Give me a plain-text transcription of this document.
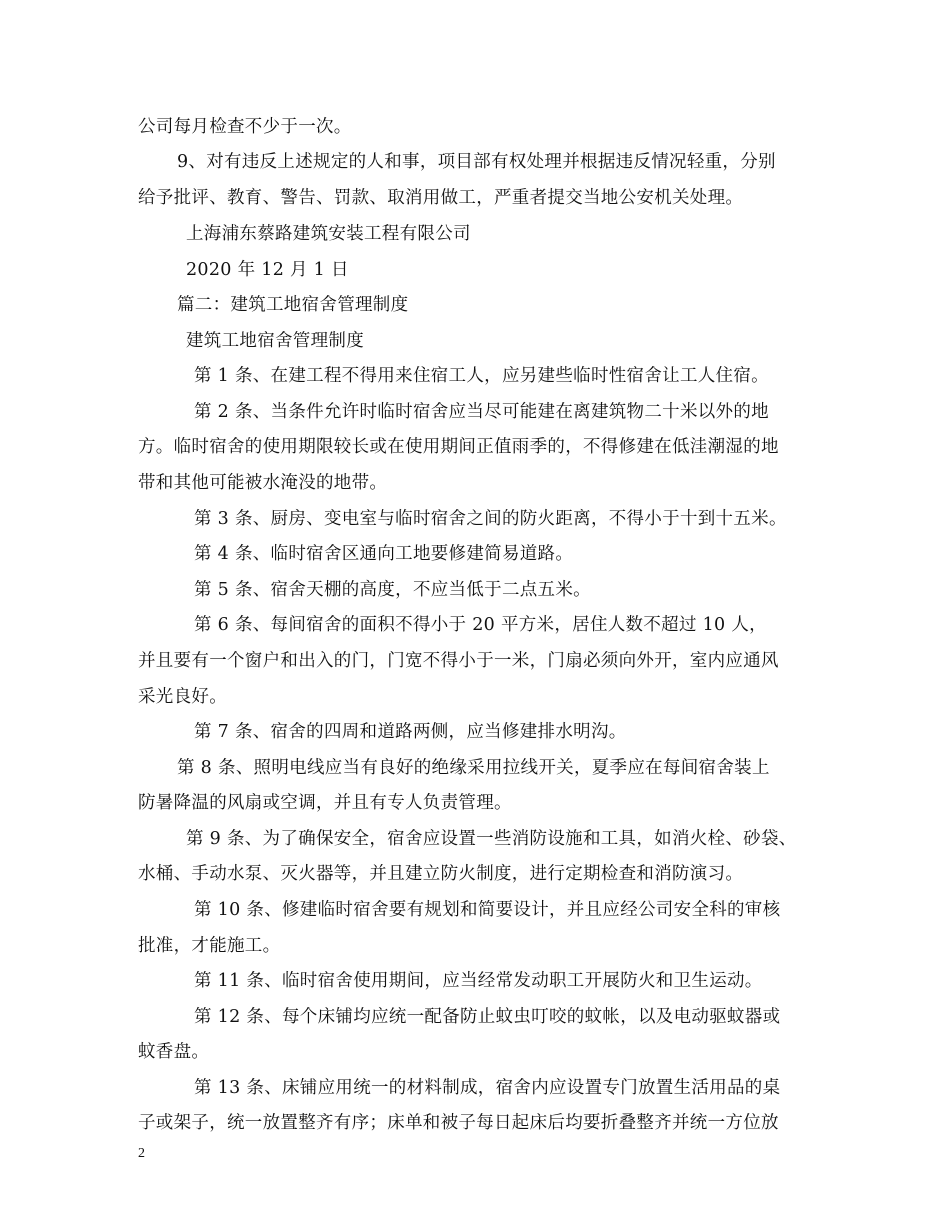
公司每月检查不少于一次。
9、对有违反上述规定的人和事，项目部有权处理并根据违反情况轻重，分别
给予批评、教育、警告、罚款、取消用做工，严重者提交当地公安机关处理。
上海浦东蔡路建筑安装工程有限公司
2020 年 12 月 1 日
篇二：建筑工地宿舍管理制度
建筑工地宿舍管理制度
第 1 条、在建工程不得用来住宿工人，应另建些临时性宿舍让工人住宿。
第 2 条、当条件允许时临时宿舍应当尽可能建在离建筑物二十米以外的地
方。临时宿舍的使用期限较长或在使用期间正值雨季的，不得修建在低洼潮湿的地
带和其他可能被水淹没的地带。
第 3 条、厨房、变电室与临时宿舍之间的防火距离，不得小于十到十五米。
第 4 条、临时宿舍区通向工地要修建简易道路。
第 5 条、宿舍天棚的高度，不应当低于二点五米。
第 6 条、每间宿舍的面积不得小于 20 平方米，居住人数不超过 10 人，
并且要有一个窗户和出入的门，门宽不得小于一米，门扇必须向外开，室内应通风
采光良好。
第 7 条、宿舍的四周和道路两侧，应当修建排水明沟。
第 8 条、照明电线应当有良好的绝缘采用拉线开关，夏季应在每间宿舍装上
防暑降温的风扇或空调，并且有专人负责管理。
第 9 条、为了确保安全，宿舍应设置一些消防设施和工具，如消火栓、砂袋、
水桶、手动水泵、灭火器等，并且建立防火制度，进行定期检查和消防演习。
第 10 条、修建临时宿舍要有规划和简要设计，并且应经公司安全科的审核
批准，才能施工。
第 11 条、临时宿舍使用期间，应当经常发动职工开展防火和卫生运动。
第 12 条、每个床铺均应统一配备防止蚊虫叮咬的蚊帐，以及电动驱蚊器或
蚊香盘。
第 13 条、床铺应用统一的材料制成，宿舍内应设置专门放置生活用品的桌
子或架子，统一放置整齐有序；床单和被子每日起床后均要折叠整齐并统一方位放
2
